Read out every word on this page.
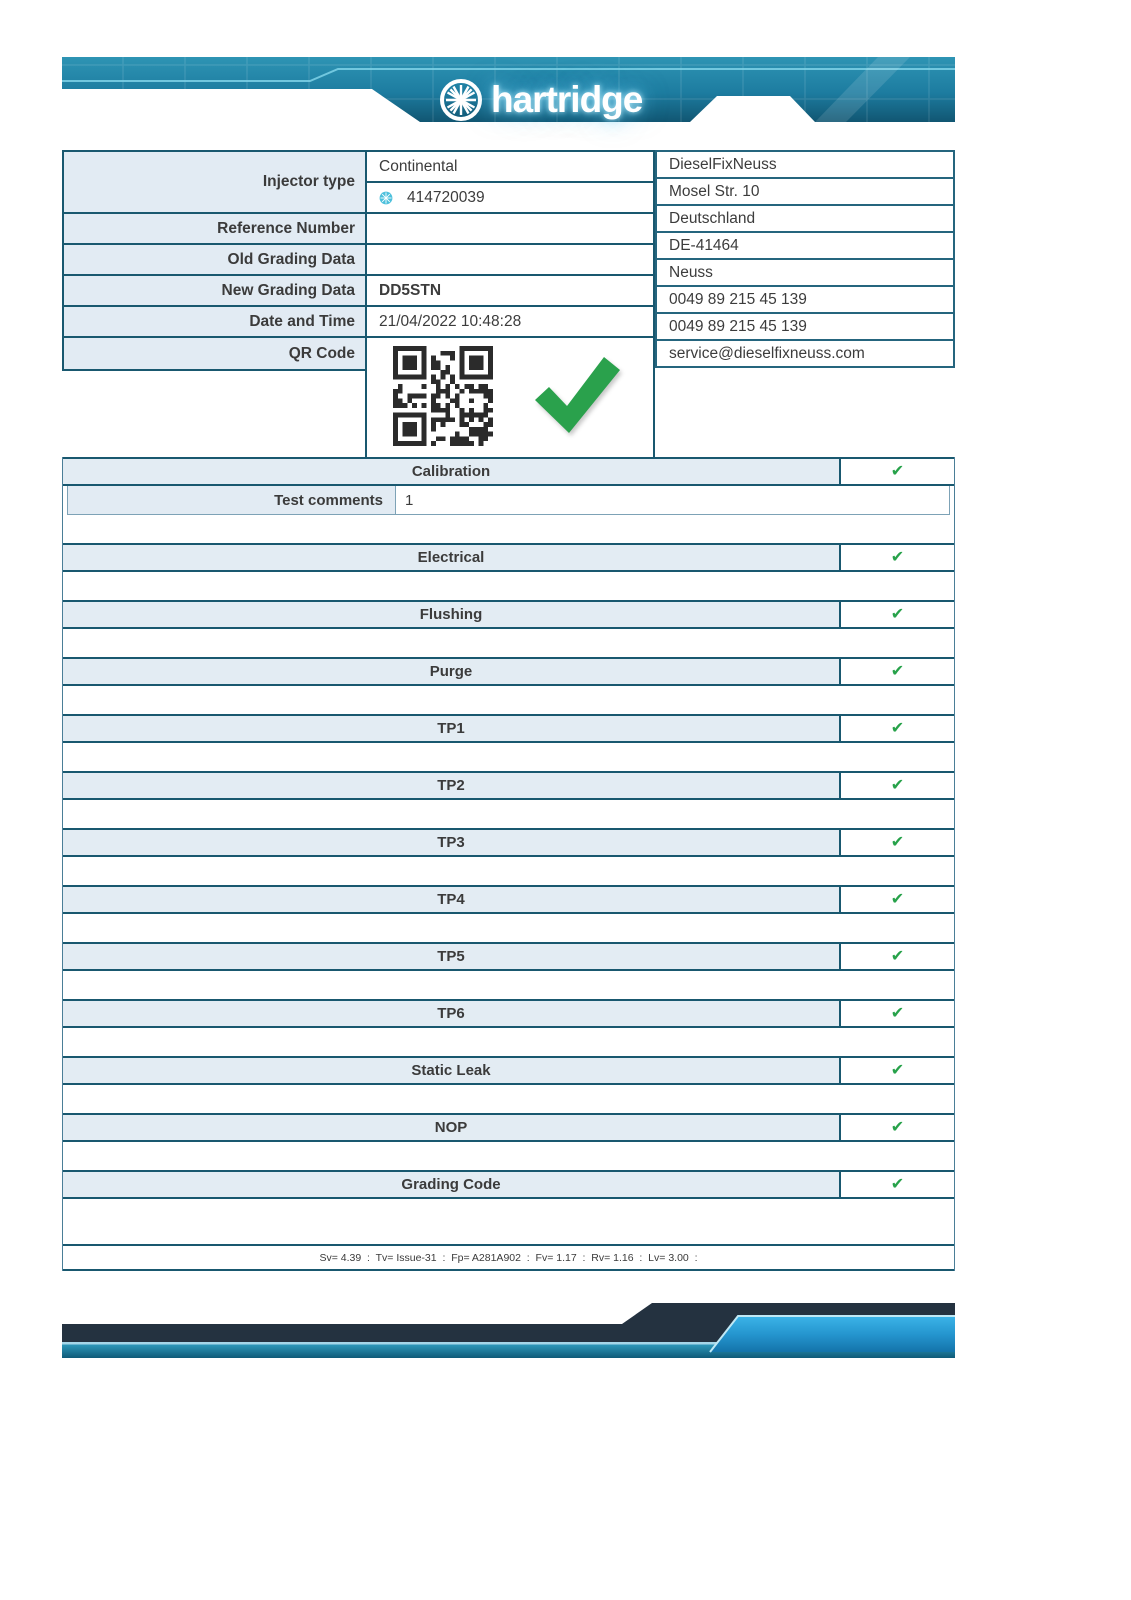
hartridge
Injector type	Continental

	414720039

Reference Number	
Old Grading Data	
New Grading Data	DD5STN
Date and Time	21/04/2022 10:48:28
QR Code	

DieselFixNeuss
Mosel Str. 10
Deutschland
DE-41464
Neuss
0049 89 215 45 139
0049 89 215 45 139
service@dieselfixneuss.com
Calibration	✔
Test comments	1
Electrical	✔
Flushing	✔
Purge	✔
TP1	✔
TP2	✔
TP3	✔
TP4	✔
TP5	✔
TP6	✔
Static Leak	✔
NOP	✔
Grading Code	✔
Sv= 4.39  :  Tv= Issue-31  :  Fp= A281A902  :  Fv= 1.17  :  Rv= 1.16  :  Lv= 3.00  :
